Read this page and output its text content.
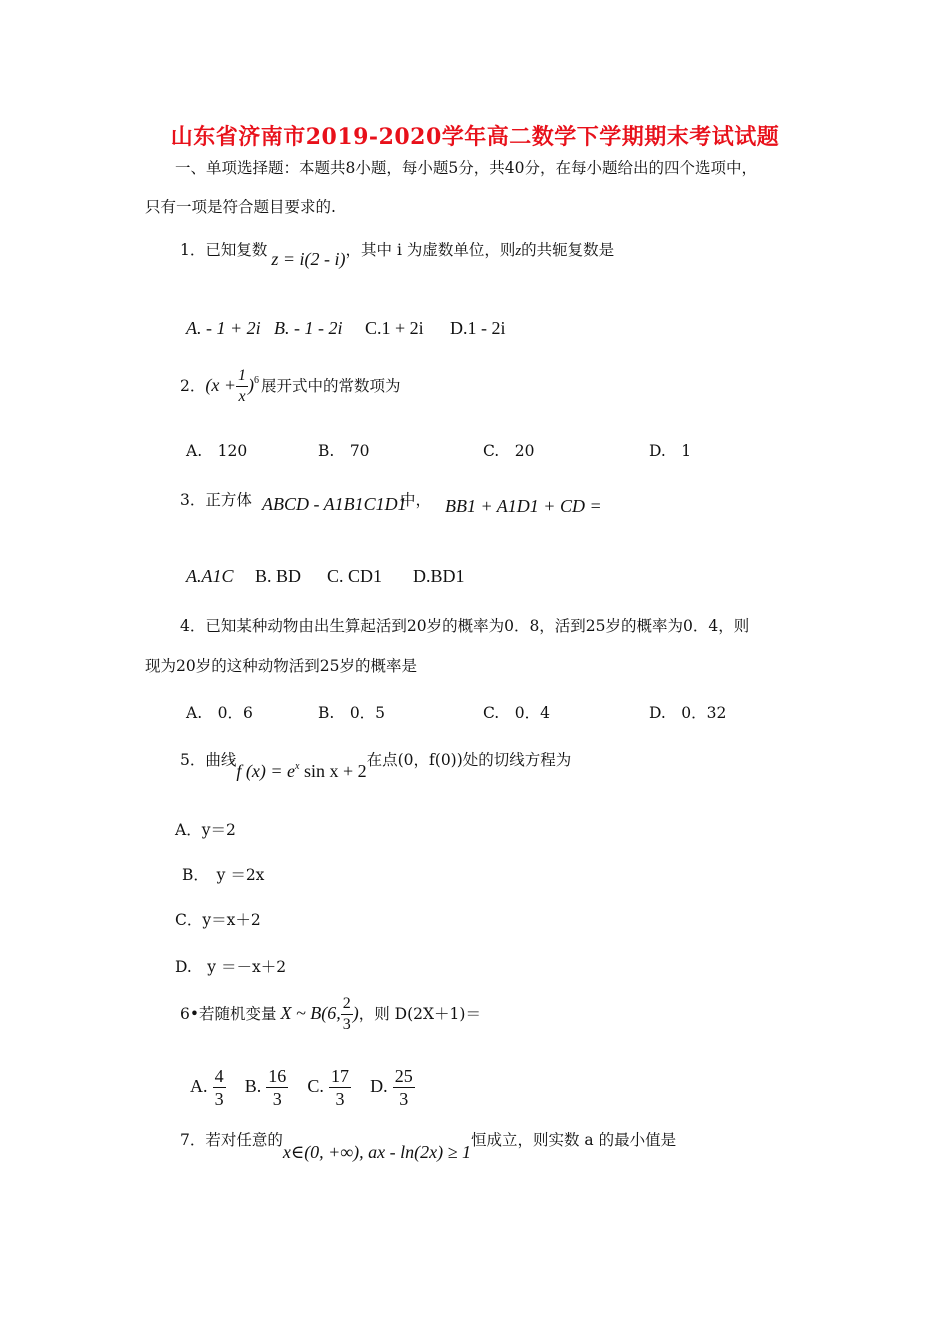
山东省济南市2019-2020学年高二数学下学期期末考试试题
一、单项选择题：本题共8小题，每小题5分，共40分，在每小题给出的四个选项中，
只有一项是符合题目要求的.
1．已知复数 z = i(2 - i)，其中 i 为虚数单位，则z的共轭复数是
A. - 1 + 2i B. - 1 - 2i C.1 + 2i D.1 - 2i
2．$(x + \frac{1}{x} )^6$ 展开式中的常数项为
A.　120	B.　70	C.　20	D.　1
3．正方体 ABCD - A1B1C1D1
中， BB1 + A1D1 + CD =
A.A1C B. BD C. CD1 D.BD1
4．已知某种动物由出生算起活到20岁的概率为0．8，活到25岁的概率为0．4，则
现为20岁的这种动物活到25岁的概率是
A.　0．6	B.　0．5	C.　0．4	D.　0．32
5．曲线f $(x) = e^x$ sin x + 2在点(0，f(0))处的切线方程为
A．y＝2
B．　y ＝2x
C．y＝x＋2
D.　y ＝－x＋2
6•若随机变量 X ~ B(6, $\frac{2}{3}$ )，则 D(2X＋1)＝
A. $\frac{4}{3} B$. $\frac{16}{3} C$. $\frac{17}{3} D$. $\frac{25}{3}$
7．若对任意的x∈(0, +∞), ax - ln(2x) ≥ 1恒成立，则实数 a 的最小值是
